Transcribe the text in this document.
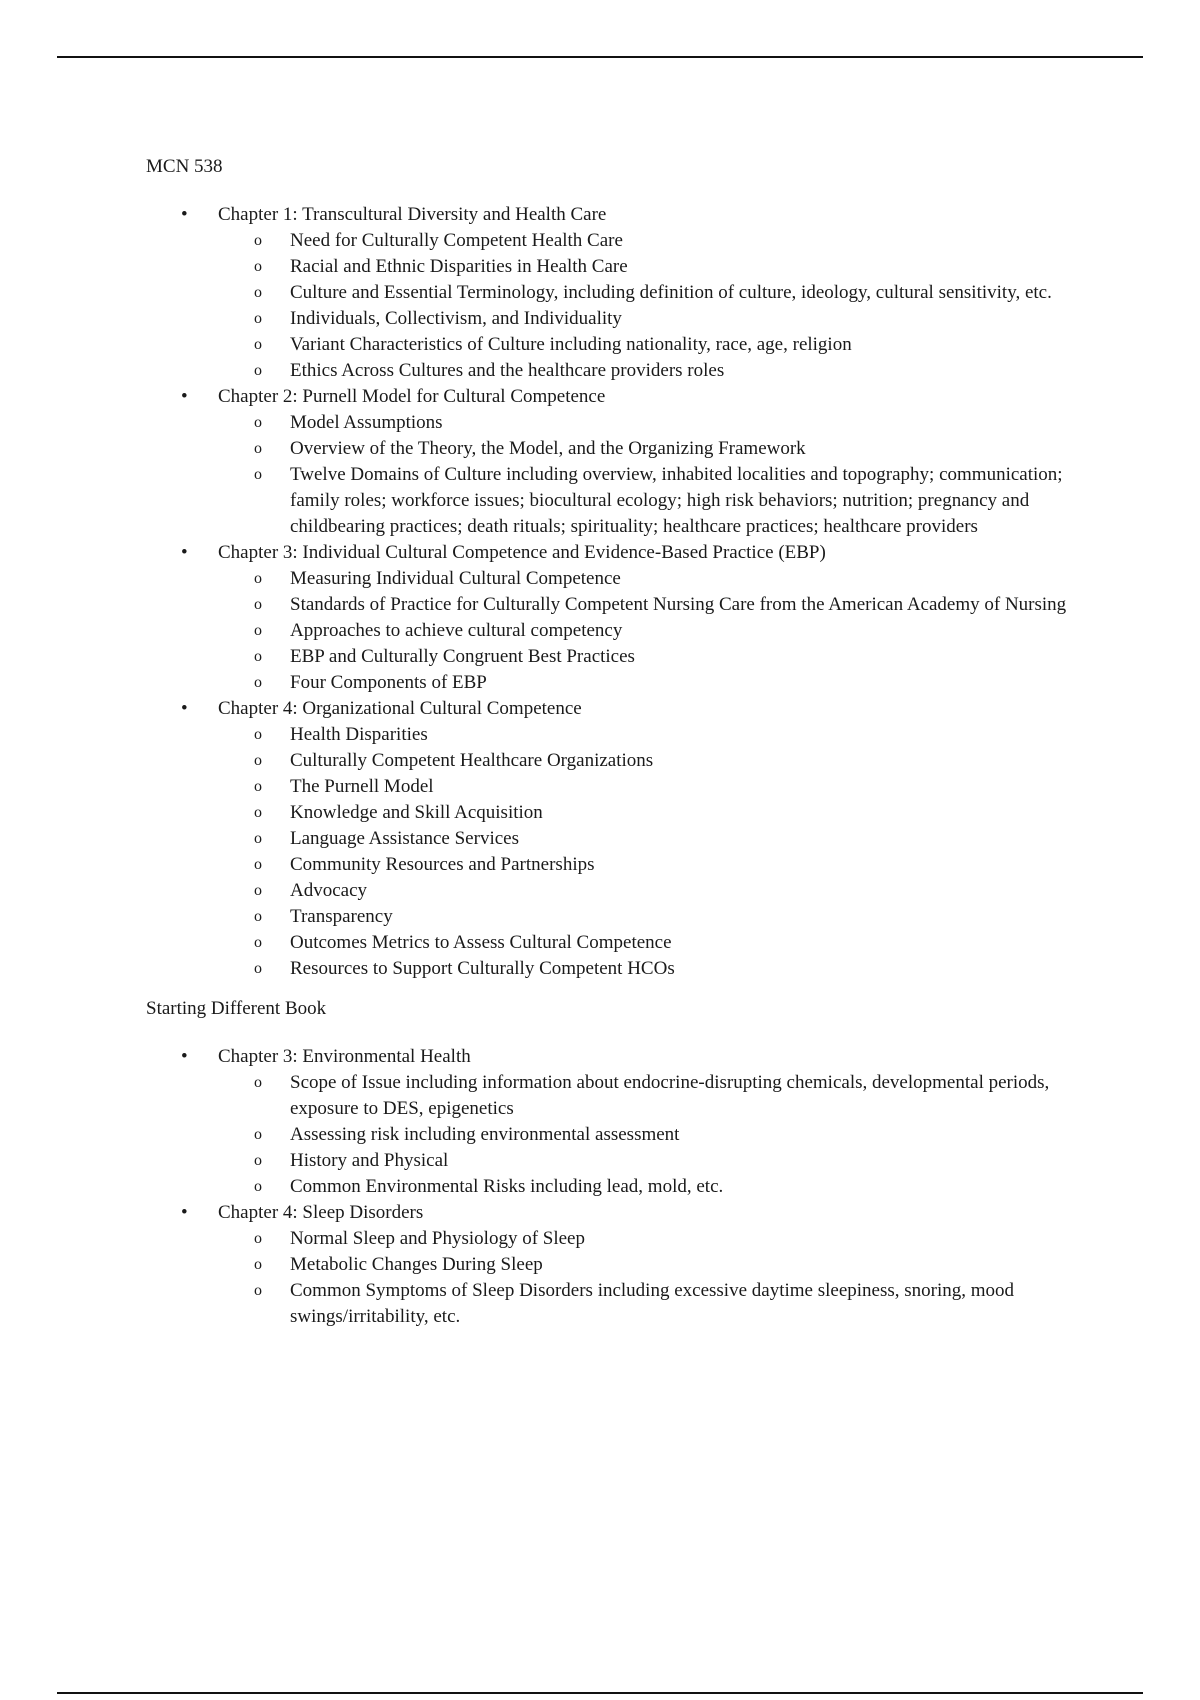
MCN 538
• Chapter 1: Transcultural Diversity and Health Care
o Need for Culturally Competent Health Care
o Racial and Ethnic Disparities in Health Care
o Culture and Essential Terminology, including definition of culture, ideology, cultural sensitivity, etc.
o Individuals, Collectivism, and Individuality
o Variant Characteristics of Culture including nationality, race, age, religion
o Ethics Across Cultures and the healthcare providers roles
• Chapter 2: Purnell Model for Cultural Competence
o Model Assumptions
o Overview of the Theory, the Model, and the Organizing Framework
o Twelve Domains of Culture including overview, inhabited localities and topography; communication; family roles; workforce issues; biocultural ecology; high risk behaviors; nutrition; pregnancy and childbearing practices; death rituals; spirituality; healthcare practices; healthcare providers
• Chapter 3: Individual Cultural Competence and Evidence-Based Practice (EBP)
o Measuring Individual Cultural Competence
o Standards of Practice for Culturally Competent Nursing Care from the American Academy of Nursing
o Approaches to achieve cultural competency
o EBP and Culturally Congruent Best Practices
o Four Components of EBP
• Chapter 4: Organizational Cultural Competence
o Health Disparities
o Culturally Competent Healthcare Organizations
o The Purnell Model
o Knowledge and Skill Acquisition
o Language Assistance Services
o Community Resources and Partnerships
o Advocacy
o Transparency
o Outcomes Metrics to Assess Cultural Competence
o Resources to Support Culturally Competent HCOs
Starting Different Book
• Chapter 3: Environmental Health
o Scope of Issue including information about endocrine-disrupting chemicals, developmental periods, exposure to DES, epigenetics
o Assessing risk including environmental assessment
o History and Physical
o Common Environmental Risks including lead, mold, etc.
• Chapter 4: Sleep Disorders
o Normal Sleep and Physiology of Sleep
o Metabolic Changes During Sleep
o Common Symptoms of Sleep Disorders including excessive daytime sleepiness, snoring, mood swings/irritability, etc.
